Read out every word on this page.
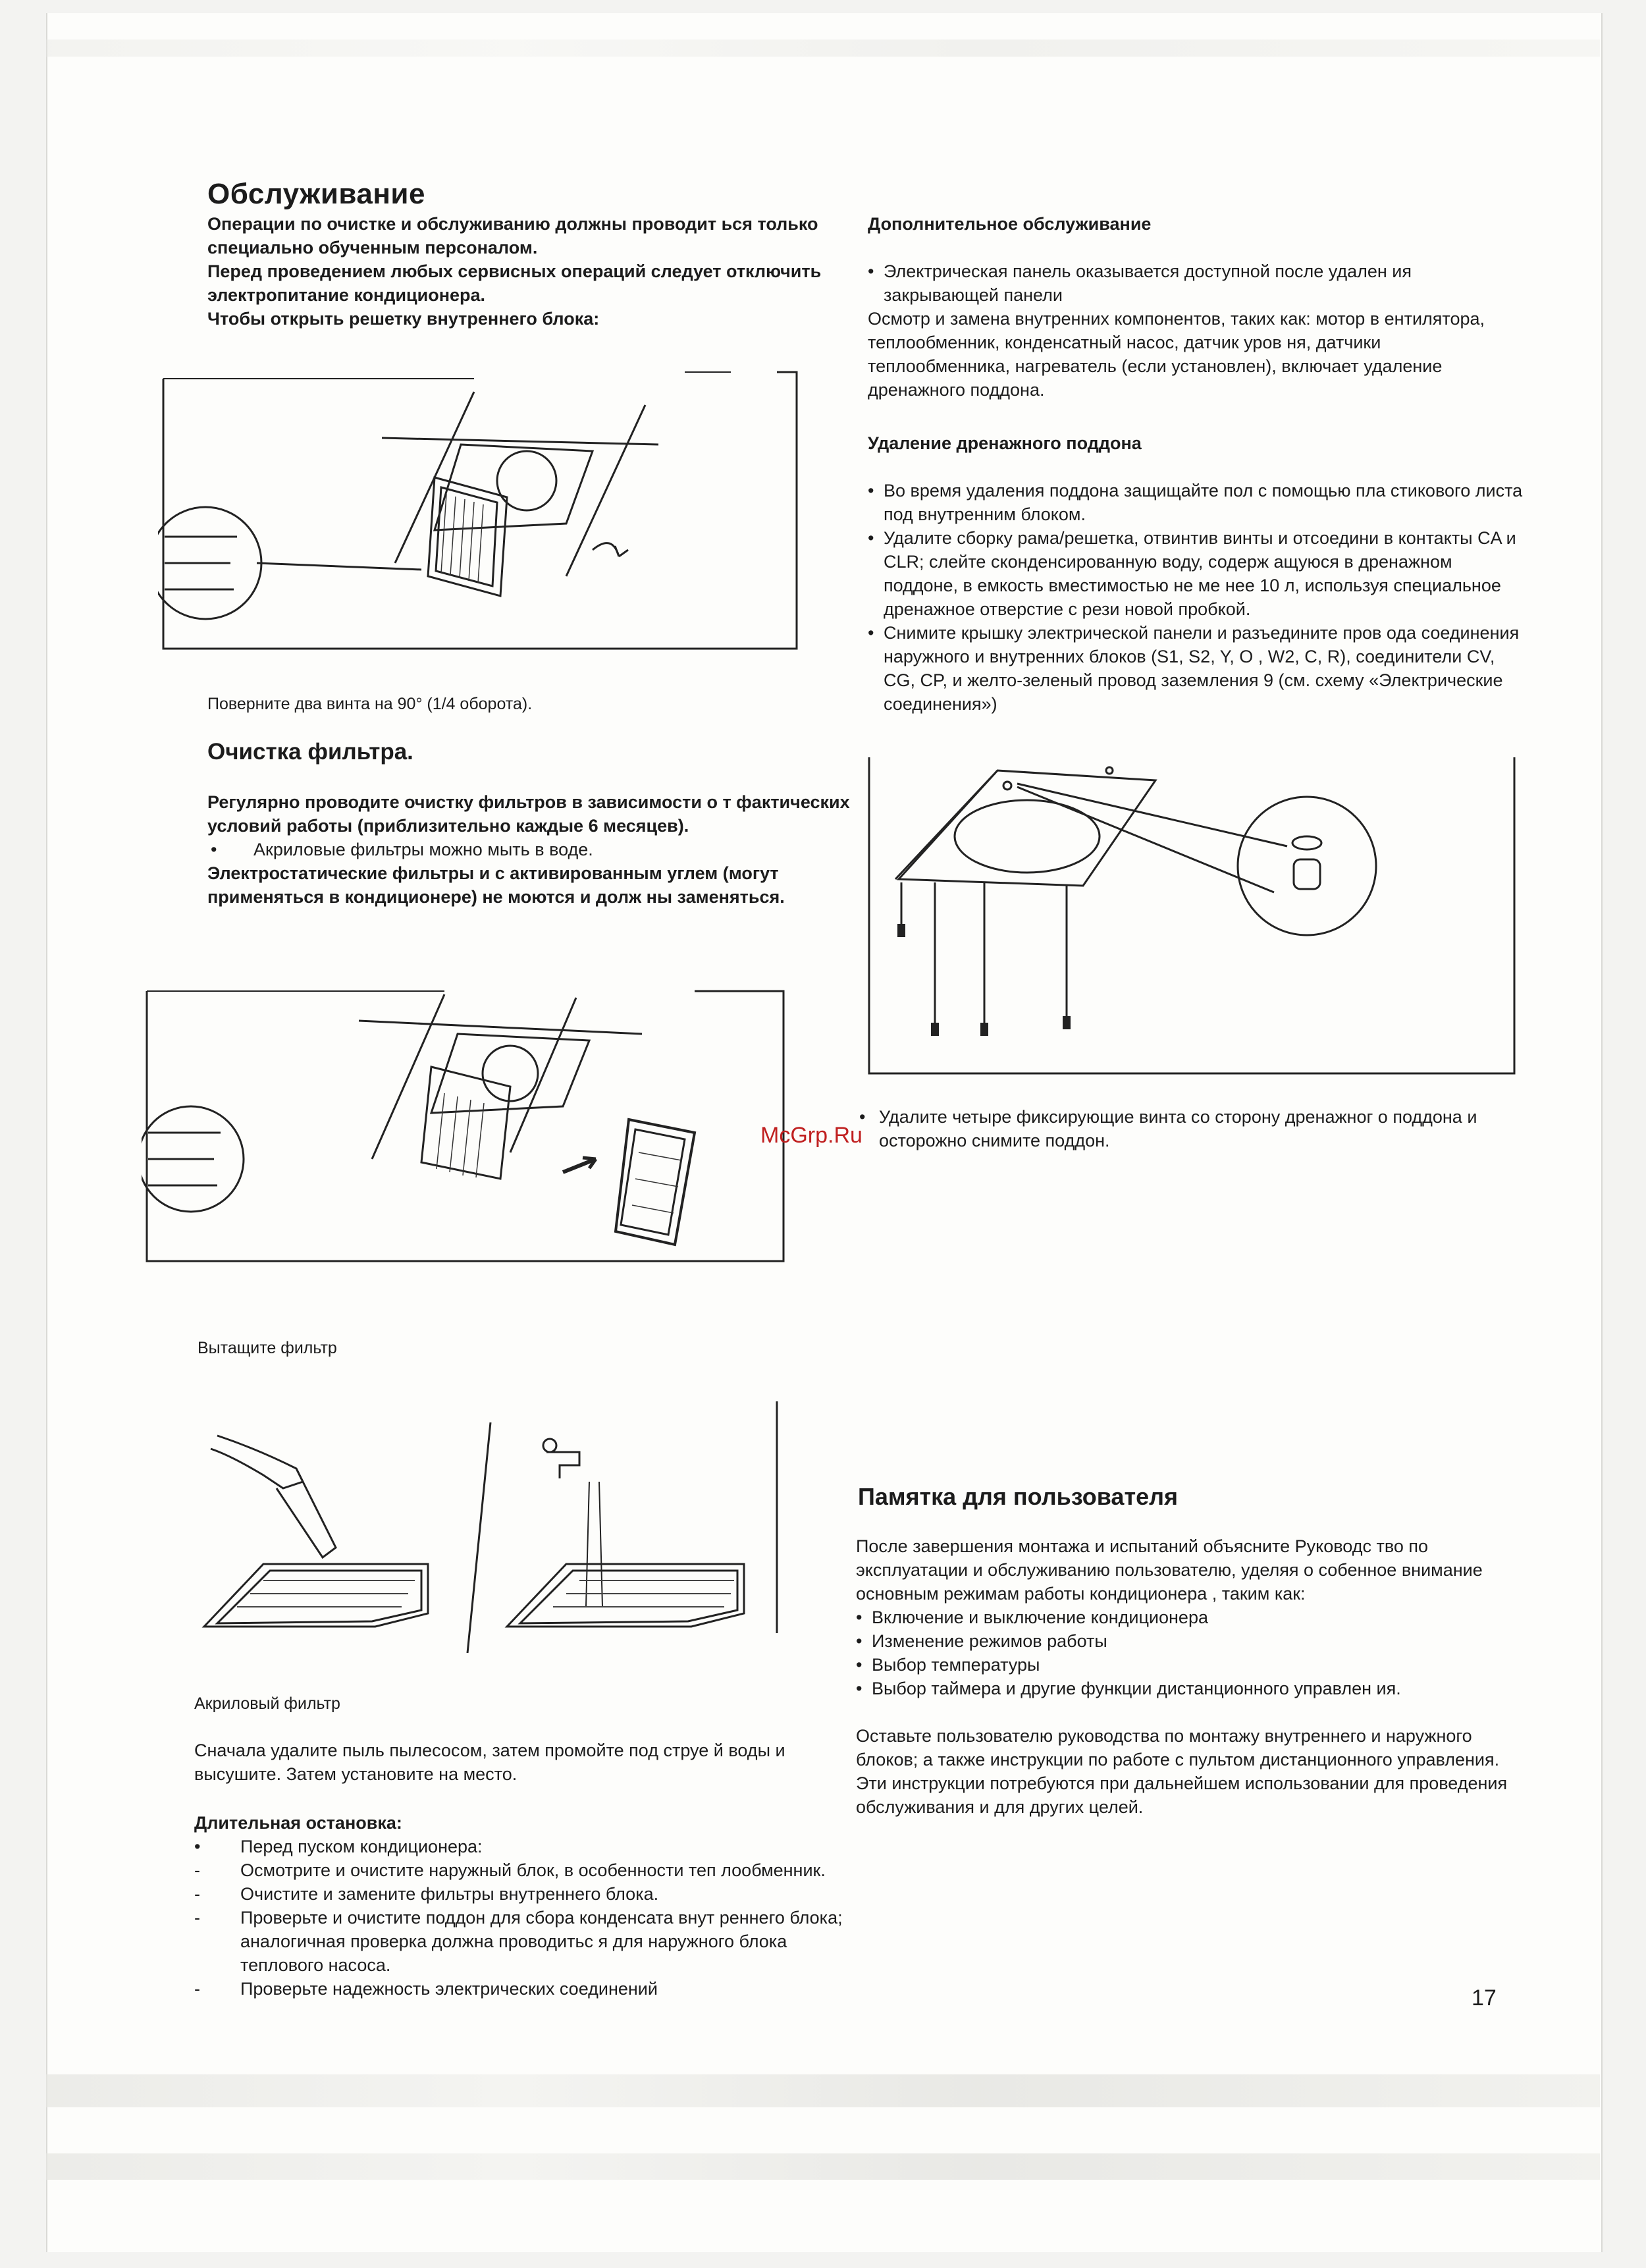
Обслуживание

Операции по очистке и обслуживанию должны проводит ься только специально обученным персоналом.

Перед проведением любых сервисных операций следует отключить электропитание кондиционера.

Чтобы открыть решетку внутреннего блока:

Поверните два винта на 90° (1/4 оборота).
Очистка фильтра.

Регулярно проводите очистку фильтров в зависимости о т фактических условий работы (приблизительно каждые 6 месяцев).

• Акриловые фильтры можно мыть в воде.

Электростатические фильтры и с активированным углем (могут применяться в кондиционере) не моются и долж ны заменяться.

Вытащите фильтр
Акриловый фильтр
Сначала удалите пыль пылесосом, затем промойте под струе й воды и высушите. Затем установите на место.

Длительная остановка:

•	Перед пуском кондиционера:
-	Осмотрите и очистите наружный блок, в особенности теп лообменник.
-	Очистите и замените фильтры внутреннего блока.
-	Проверьте и очистите поддон для сбора конденсата внут реннего блока; аналогичная проверка должна проводитьс я для наружного блока теплового насоса.
-	Проверьте надежность электрических соединений

Дополнительное обслуживание

• Электрическая панель оказывается доступной после удален ия закрывающей панели

Осмотр и замена внутренних компонентов, таких как: мотор в ентилятора, теплообменник, конденсатный насос, датчик уров ня, датчики теплообменника, нагреватель (если установлен), включает удаление дренажного поддона.

Удаление дренажного поддона

• Во время удаления поддона защищайте пол с помощью пла стикового листа под внутренним блоком.
• Удалите сборку рама/решетка, отвинтив винты и отсоедини в контакты CA и CLR; слейте сконденсированную воду, содерж ащуюся в дренажном поддоне, в емкость вместимостью не ме нее 10 л, используя специальное дренажное отверстие с рези новой пробкой.
• Снимите крышку электрической панели и разъедините пров ода соединения наружного и внутренних блоков (S1, S2, Y, O , W2, C, R), соединители CV, CG, CP, и желто-зеленый провод заземления 9 (см. схему «Электрические соединения»)
• Удалите четыре фиксирующие винта со сторону дренажног о поддона и осторожно снимите поддон.
Памятка для пользователя

После завершения монтажа и испытаний объясните Руководс тво по эксплуатации и обслуживанию пользователю, уделяя о собенное внимание основным режимам работы кондиционера , таким как:

• Включение и выключение кондиционера
• Изменение режимов работы
• Выбор температуры
• Выбор таймера и другие функции дистанционного управлен ия.

Оставьте пользователю руководства по монтажу внутреннего и наружного блоков; а также инструкции по работе с пультом дистанционного управления.

Эти инструкции потребуются при дальнейшем использовании для проведения обслуживания и для других целей.

McGrp.Ru
17
